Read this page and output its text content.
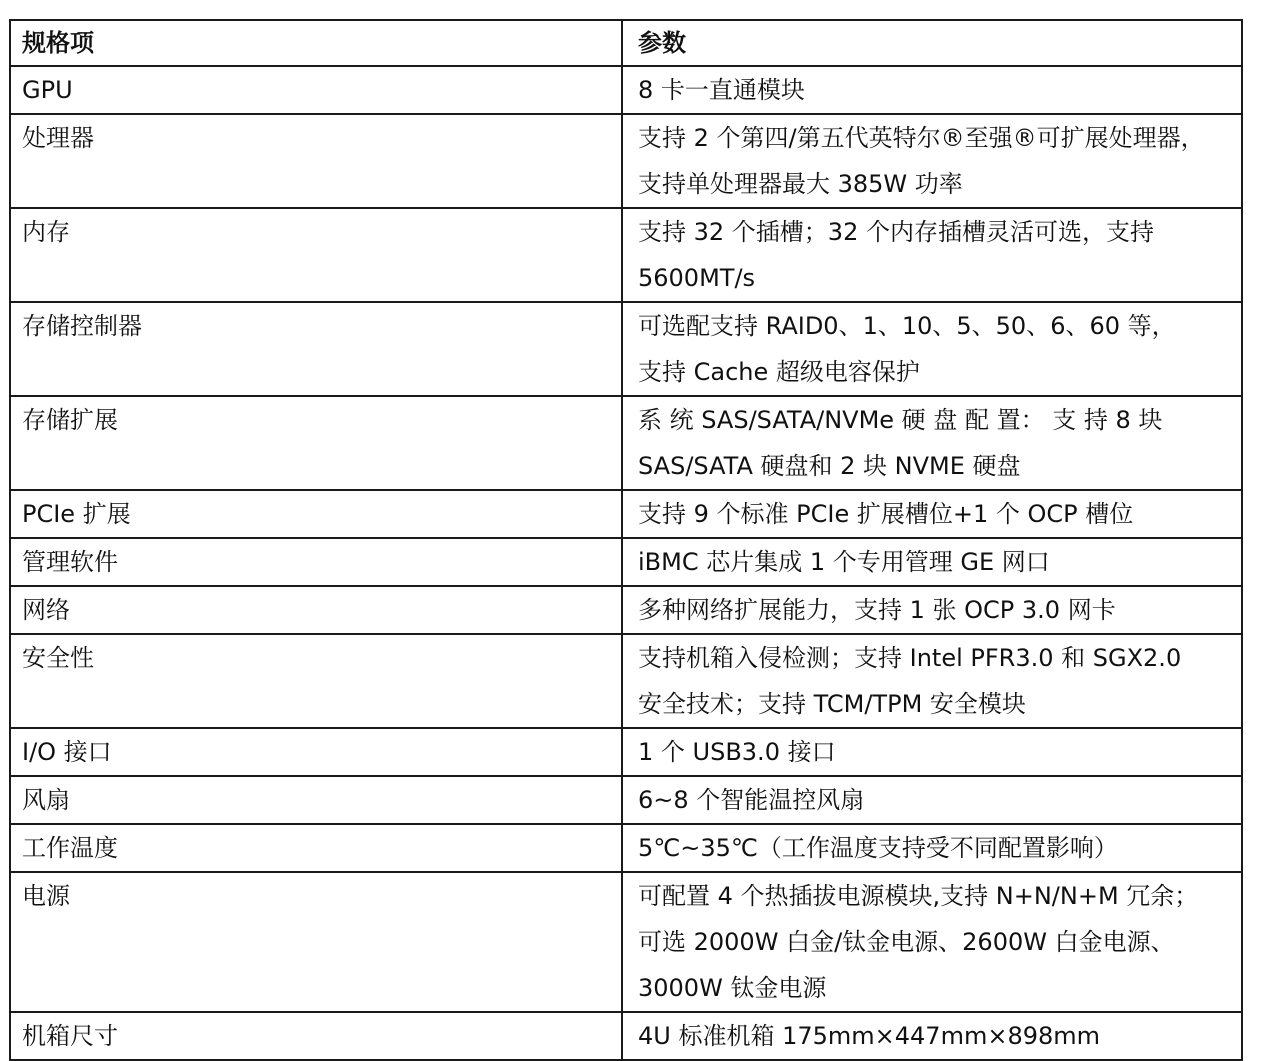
规格项	参数
GPU	8 卡一直通模块

处理器	支持 2 个第四/第五代英特尔®至强®可扩展处理器，
支持单处理器最大 385W 功率

内存	支持 32 个插槽；32 个内存插槽灵活可选，支持
5600MT/s

存储控制器	可选配支持 RAID0、1、10、5、50、6、60 等，
支持 Cache 超级电容保护

存储扩展	系 统 SAS/SATA/NVMe 硬 盘 配 置： 支 持 8 块
SAS/SATA 硬盘和 2 块 NVME 硬盘

PCIe 扩展	支持 9 个标准 PCIe 扩展槽位+1 个 OCP 槽位

管理软件	iBMC 芯片集成 1 个专用管理 GE 网口

网络	多种网络扩展能力，支持 1 张 OCP 3.0 网卡

安全性	支持机箱入侵检测；支持 Intel PFR3.0 和 SGX2.0
安全技术；支持 TCM/TPM 安全模块

I/O 接口	1 个 USB3.0 接口

风扇	6~8 个智能温控风扇

工作温度	5℃~35℃（工作温度支持受不同配置影响）

电源	可配置 4 个热插拔电源模块,支持 N+N/N+M 冗余；
可选 2000W 白金/钛金电源、2600W 白金电源、
3000W 钛金电源

机箱尺寸	4U 标准机箱 175mm×447mm×898mm
